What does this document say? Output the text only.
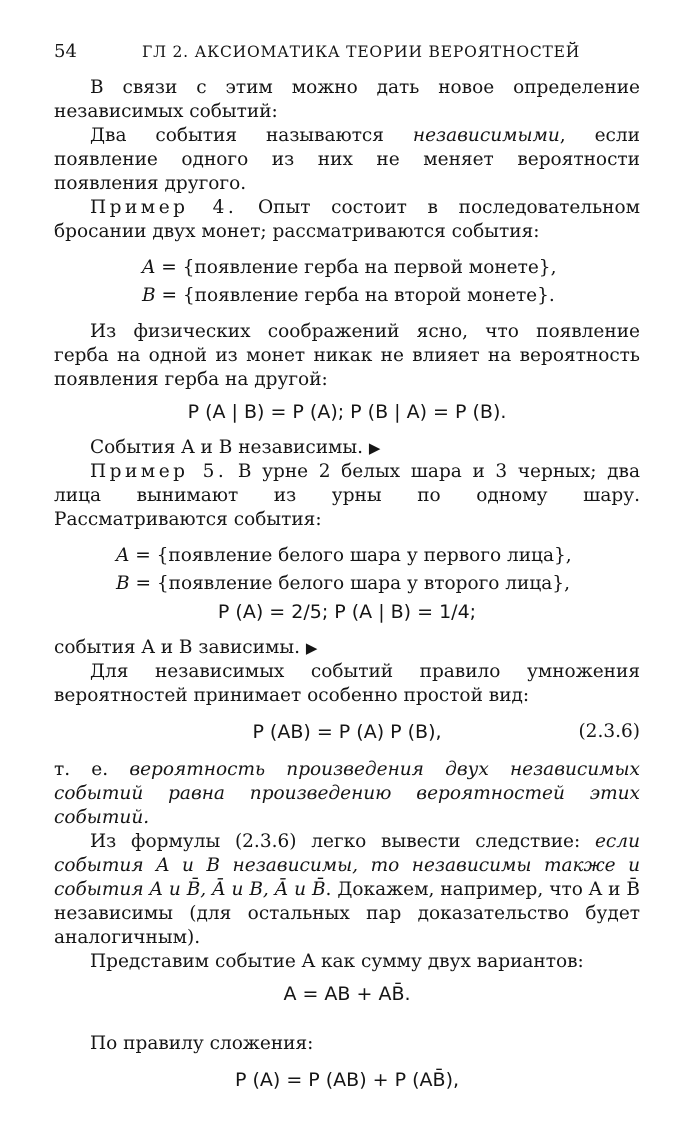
54	ГЛ 2. АКСИОМАТИКА ТЕОРИИ ВЕРОЯТНОСТЕЙ

В связи с этим можно дать новое определение независимых событий:

Два события называются независимыми, если появление одного из них не меняет вероятности появления другого.

Пример 4. Опыт состоит в последовательном бросании двух монет; рассматриваются события:

A = {появление герба на первой монете},
B = {появление герба на второй монете}.

Из физических соображений ясно, что появление герба на одной из монет никак не влияет на вероятность появления герба на другой:

P (A | B) = P (A); P (B | A) = P (B).

События A и B независимы. ▶

Пример 5. В урне 2 белых шара и 3 черных; два лица вынимают из урны по одному шару. Рассматриваются события:

A = {появление белого шара у первого лица},
B = {появление белого шара у второго лица},
P (A) = 2/5; P (A | B) = 1/4;

события A и B зависимы. ▶

Для независимых событий правило умножения вероятностей принимает особенно простой вид:

P (AB) = P (A) P (B),	(2.3.6)

т. е. вероятность произведения двух независимых событий равна произведению вероятностей этих событий.

Из формулы (2.3.6) легко вывести следствие: если события A и B независимы, то независимы также и события A и B̄, Ā и B, Ā и B̄. Докажем, например, что A и B̄ независимы (для остальных пар доказательство будет аналогичным).

Представим событие A как сумму двух вариантов:

A = AB + AB̄.

По правилу сложения:

P (A) = P (AB) + P (AB̄),
